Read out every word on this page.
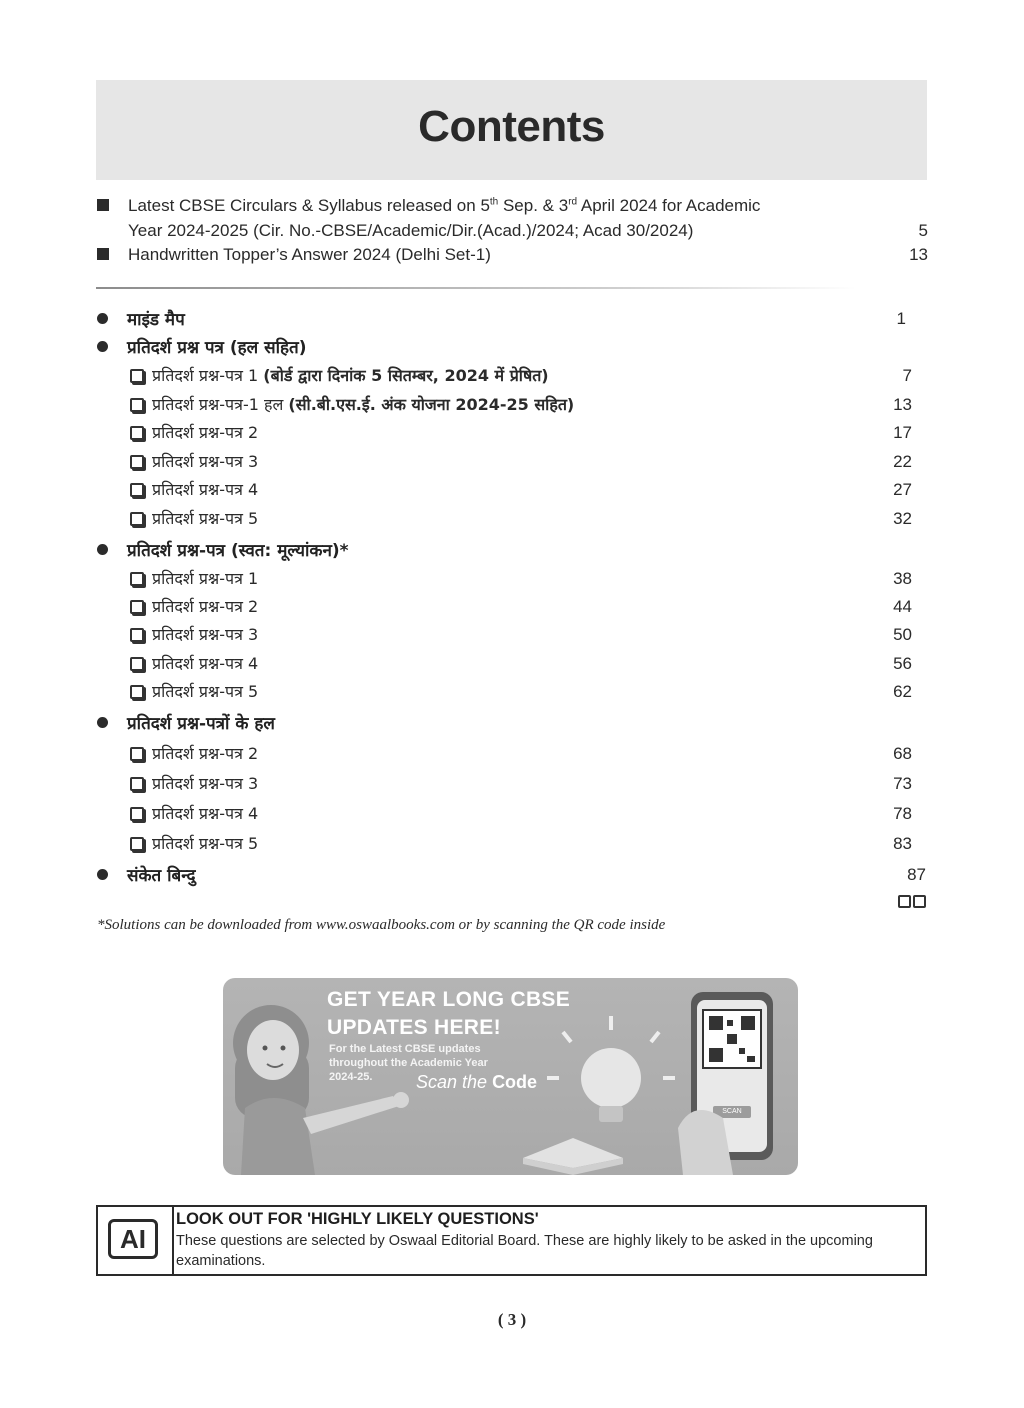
Contents
Latest CBSE Circulars & Syllabus released on 5th Sep. & 3rd April 2024 for Academic
Year 2024-2025 (Cir. No.-CBSE/Academic/Dir.(Acad.)/2024; Acad 30/2024)	5
Handwritten Topper’s Answer 2024 (Delhi Set-1)	13
माइंड मैप	1
प्रतिदर्श प्रश्न पत्र (हल सहित)
प्रतिदर्श प्रश्न-पत्र 1 (बोर्ड द्वारा दिनांक 5 सितम्बर, 2024 में प्रेषित)	7
प्रतिदर्श प्रश्न-पत्र-1 हल (सी.बी.एस.ई. अंक योजना 2024-25 सहित)	13
प्रतिदर्श प्रश्न-पत्र 2	17
प्रतिदर्श प्रश्न-पत्र 3	22
प्रतिदर्श प्रश्न-पत्र 4	27
प्रतिदर्श प्रश्न-पत्र 5	32
प्रतिदर्श प्रश्न-पत्र (स्वत: मूल्यांकन)*
प्रतिदर्श प्रश्न-पत्र 1	38
प्रतिदर्श प्रश्न-पत्र 2	44
प्रतिदर्श प्रश्न-पत्र 3	50
प्रतिदर्श प्रश्न-पत्र 4	56
प्रतिदर्श प्रश्न-पत्र 5	62
प्रतिदर्श प्रश्न-पत्रों के हल
प्रतिदर्श प्रश्न-पत्र 2	68
प्रतिदर्श प्रश्न-पत्र 3	73
प्रतिदर्श प्रश्न-पत्र 4	78
प्रतिदर्श प्रश्न-पत्र 5	83
संकेत बिन्दु	87
*Solutions can be downloaded from www.oswaalbooks.com or by scanning the QR code inside
GET YEAR LONG CBSE
UPDATES HERE!
For the Latest CBSE updates
throughout the Academic Year
2024-25.	Scan the Code
SCAN
AI
LOOK OUT FOR 'HIGHLY LIKELY QUESTIONS'
These questions are selected by Oswaal Editorial Board. These are highly likely to be asked in the upcoming examinations.
( 3 )
